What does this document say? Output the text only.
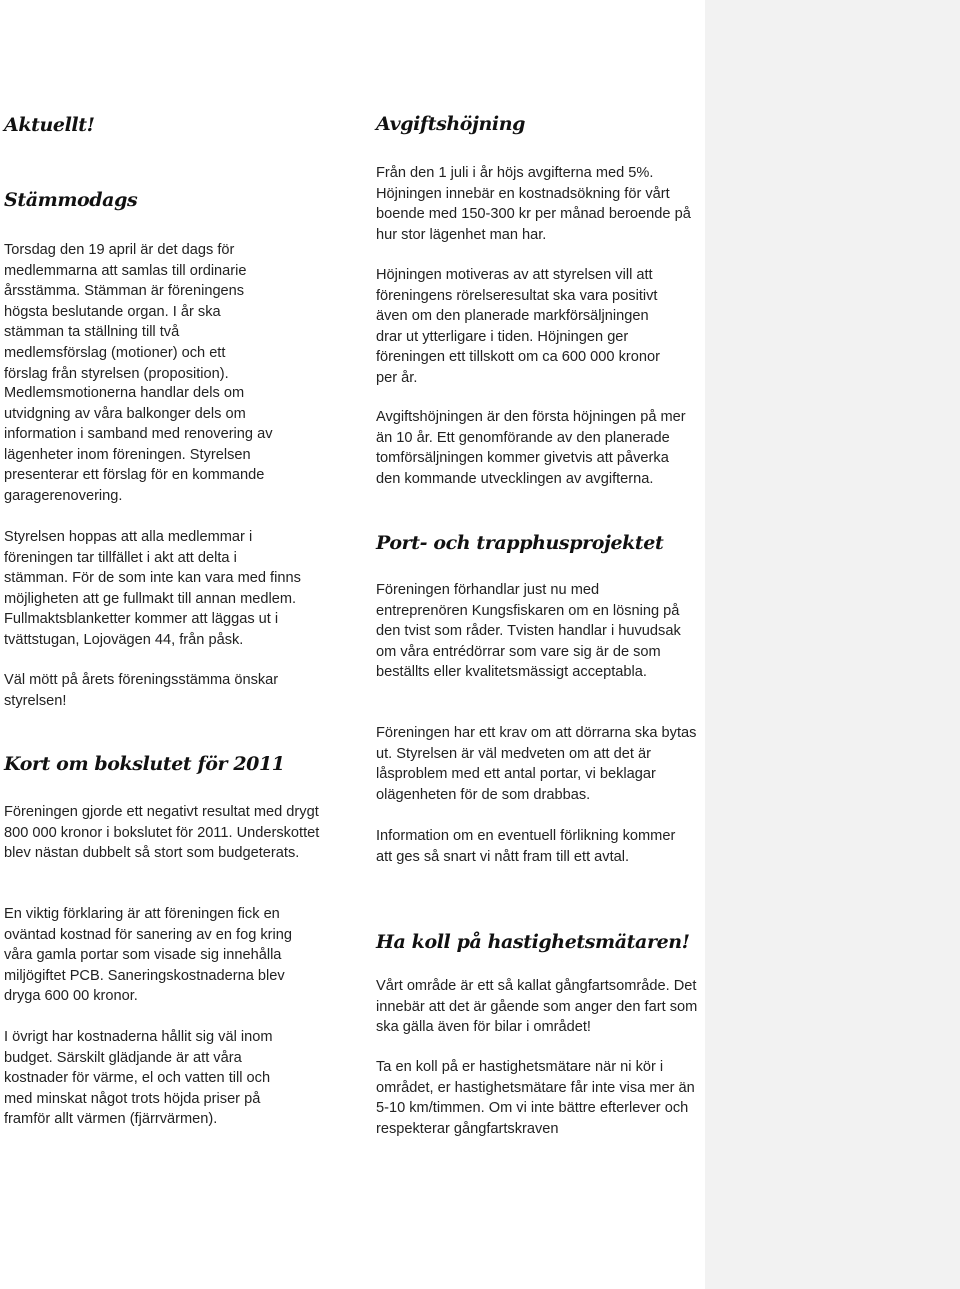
Aktuellt!
Stämmodags

Torsdag den 19 april är det dags för medlemmarna att samlas till ordinarie årsstämma. Stämman är föreningens högsta beslutande organ. I år ska stämman ta ställning till två medlemsförslag (motioner) och ett förslag från styrelsen (proposition).

Medlemsmotionerna handlar dels om utvidgning av våra balkonger dels om information i samband med renovering av lägenheter inom föreningen. Styrelsen presenterar ett förslag för en kommande garagerenovering.

Styrelsen hoppas att alla medlemmar i föreningen tar tillfället i akt att delta i stämman. För de som inte kan vara med finns möjligheten att ge fullmakt till annan medlem. Fullmaktsblanketter kommer att läggas ut i tvättstugan, Lojovägen 44, från påsk.

Väl mött på årets föreningsstämma önskar styrelsen!

Kort om bokslutet för 2011

Föreningen gjorde ett negativt resultat med drygt 800 000 kronor i bokslutet för 2011. Underskottet blev nästan dubbelt så stort som budgeterats.

En viktig förklaring är att föreningen fick en oväntad kostnad för sanering av en fog kring våra gamla portar som visade sig innehålla miljögiftet PCB. Saneringskostnaderna blev dryga 600 00 kronor.

I övrigt har kostnaderna hållit sig väl inom budget. Särskilt glädjande är att våra kostnader för värme, el och vatten till och med minskat något trots höjda priser på framför allt värmen (fjärrvärmen).

Avgiftshöjning

Från den 1 juli i år höjs avgifterna med 5%. Höjningen innebär en kostnadsökning för vårt boende med 150-300 kr per månad beroende på hur stor lägenhet man har.

Höjningen motiveras av att styrelsen vill att föreningens rörelseresultat ska vara positivt även om den planerade markförsäljningen drar ut ytterligare i tiden. Höjningen ger föreningen ett tillskott om ca 600 000 kronor per år.

Avgiftshöjningen är den första höjningen på mer än 10 år. Ett genomförande av den planerade tomförsäljningen kommer givetvis att påverka den kommande utvecklingen av avgifterna.

Port- och trapphusprojektet

Föreningen förhandlar just nu med entreprenören Kungsfiskaren om en lösning på den tvist som råder. Tvisten handlar i huvudsak om våra entrédörrar som vare sig är de som beställts eller kvalitetsmässigt acceptabla.

Föreningen har ett krav om att dörrarna ska bytas ut. Styrelsen är väl medveten om att det är låsproblem med ett antal portar, vi beklagar olägenheten för de som drabbas.

Information om en eventuell förlikning kommer att ges så snart vi nått fram till ett avtal.

Ha koll på hastighetsmätaren!

Vårt område är ett så kallat gångfartsområde. Det innebär att det är gående som anger den fart som ska gälla även för bilar i området!

Ta en koll på er hastighetsmätare när ni kör i området, er hastighetsmätare får inte visa mer än 5-10 km/timmen. Om vi inte bättre efterlever och respekterar gångfartskraven
